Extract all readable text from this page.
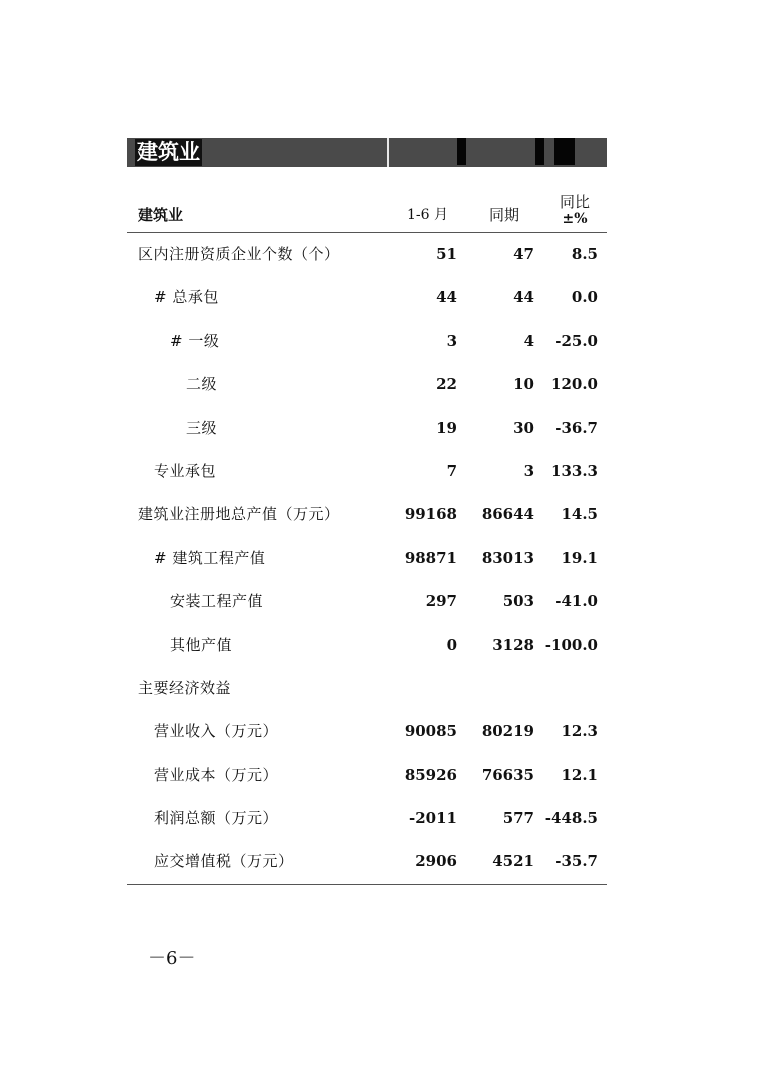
建筑业
建筑业	1-6 月	同期
同比
±%
区内注册资质企业个数（个）	51	47	8.5
# 总承包	44	44	0.0
# 一级	3	4	-25.0
二级	22	10	120.0
三级	19	30	-36.7
专业承包	7	3	133.3
建筑业注册地总产值（万元）	99168	86644	14.5
# 建筑工程产值	98871	83013	19.1
安装工程产值	297	503	-41.0
其他产值	0	3128 -100.0
主要经济效益
营业收入（万元）	90085	80219	12.3
营业成本（万元）	85926	76635	12.1
利润总额（万元）	-2011	577 -448.5
应交增值税（万元）	2906	4521	-35.7
－6－
